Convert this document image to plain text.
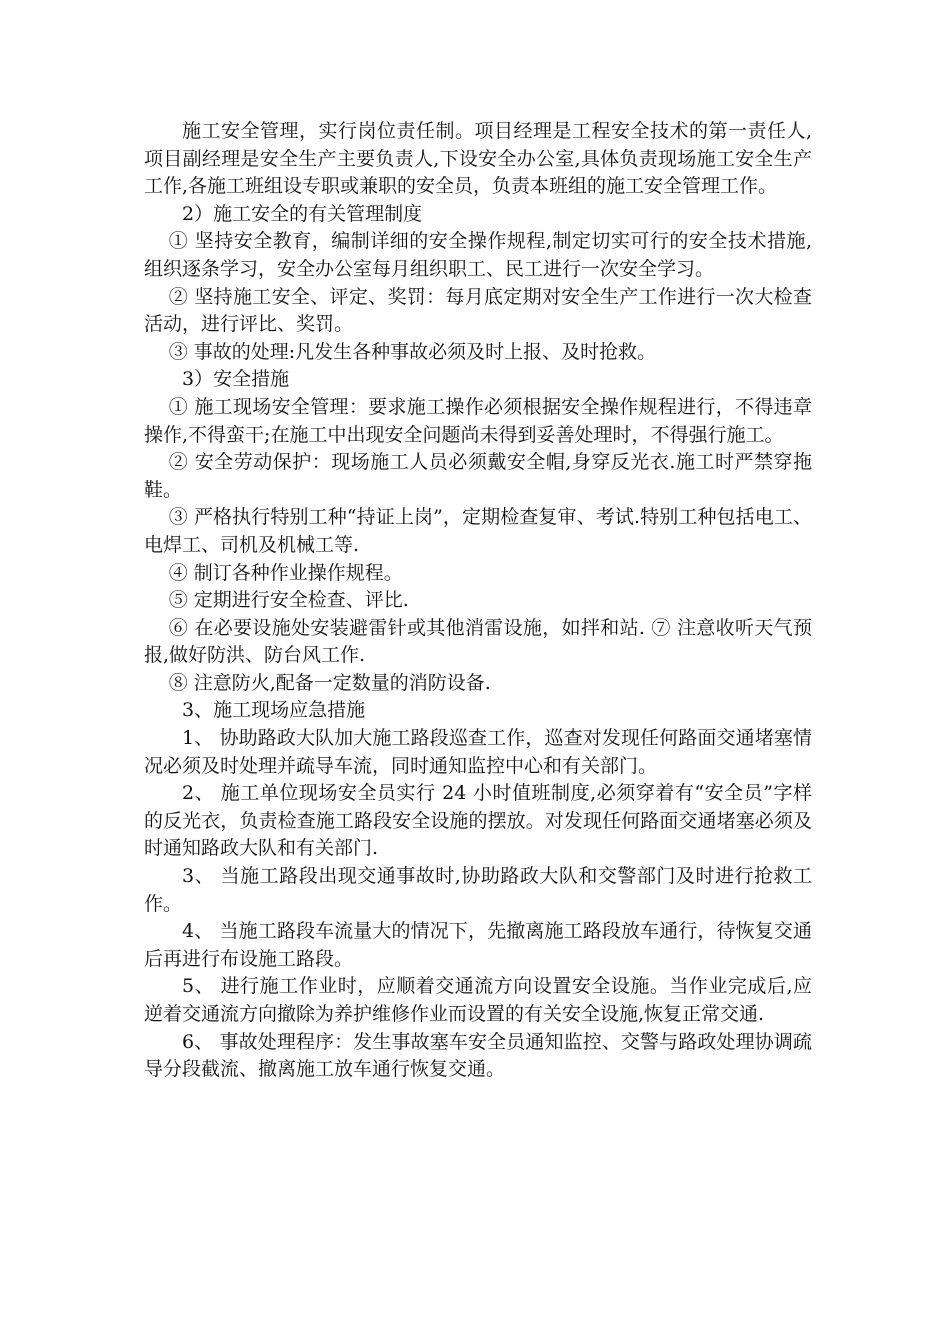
施工安全管理，实行岗位责任制。项目经理是工程安全技术的第一责任人,项目副经理是安全生产主要负责人,下设安全办公室,具体负责现场施工安全生产工作,各施工班组设专职或兼职的安全员，负责本班组的施工安全管理工作。

2）施工安全的有关管理制度

① 坚持安全教育，编制详细的安全操作规程,制定切实可行的安全技术措施,组织逐条学习，安全办公室每月组织职工、民工进行一次安全学习。

② 坚持施工安全、评定、奖罚：每月底定期对安全生产工作进行一次大检查活动，进行评比、奖罚。

③ 事故的处理:凡发生各种事故必须及时上报、及时抢救。

3）安全措施

① 施工现场安全管理：要求施工操作必须根据安全操作规程进行，不得违章操作,不得蛮干;在施工中出现安全问题尚未得到妥善处理时，不得强行施工。

② 安全劳动保护：现场施工人员必须戴安全帽,身穿反光衣.施工时严禁穿拖鞋。

③ 严格执行特别工种“持证上岗”，定期检查复审、考试.特别工种包括电工、电焊工、司机及机械工等.

④ 制订各种作业操作规程。

⑤ 定期进行安全检查、评比.

⑥ 在必要设施处安装避雷针或其他消雷设施，如拌和站. ⑦ 注意收听天气预报,做好防洪、防台风工作.

⑧ 注意防火,配备一定数量的消防设备.

3、施工现场应急措施

1、 协助路政大队加大施工路段巡查工作，巡查对发现任何路面交通堵塞情况必须及时处理并疏导车流，同时通知监控中心和有关部门。

2、 施工单位现场安全员实行 24 小时值班制度,必须穿着有“安全员”字样的反光衣，负责检查施工路段安全设施的摆放。对发现任何路面交通堵塞必须及时通知路政大队和有关部门.

3、 当施工路段出现交通事故时,协助路政大队和交警部门及时进行抢救工作。

4、 当施工路段车流量大的情况下，先撤离施工路段放车通行，待恢复交通后再进行布设施工路段。

5、 进行施工作业时，应顺着交通流方向设置安全设施。当作业完成后,应逆着交通流方向撤除为养护维修作业而设置的有关安全设施,恢复正常交通.

6、 事故处理程序：发生事故塞车安全员通知监控、交警与路政处理协调疏导分段截流、撤离施工放车通行恢复交通。
